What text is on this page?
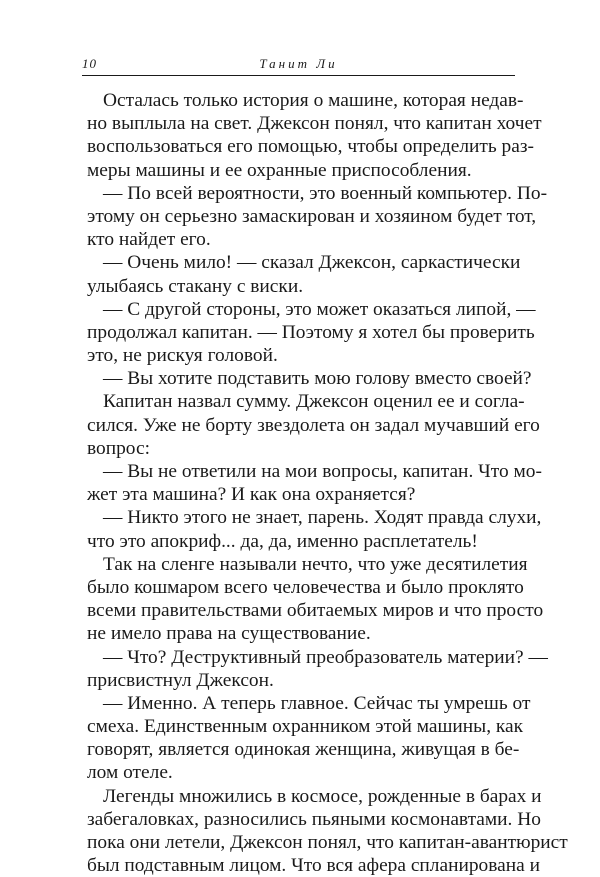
10	Танит Ли
Осталась только история о машине, которая недав-
но выплыла на свет. Джексон понял, что капитан хочет
воспользоваться его помощью, чтобы определить раз-
меры машины и ее охранные приспособления.
— По всей вероятности, это военный компьютер. По-
этому он серьезно замаскирован и хозяином будет тот,
кто найдет его.
— Очень мило! — сказал Джексон, саркастически
улыбаясь стакану с виски.
— С другой стороны, это может оказаться липой, —
продолжал капитан. — Поэтому я хотел бы проверить
это, не рискуя головой.
— Вы хотите подставить мою голову вместо своей?
Капитан назвал сумму. Джексон оценил ее и согла-
сился. Уже не борту звездолета он задал мучавший его
вопрос:
— Вы не ответили на мои вопросы, капитан. Что мо-
жет эта машина? И как она охраняется?
— Никто этого не знает, парень. Ходят правда слухи,
что это апокриф... да, да, именно расплетатель!
Так на сленге называли нечто, что уже десятилетия
было кошмаром всего человечества и было проклято
всеми правительствами обитаемых миров и что просто
не имело права на существование.
— Что? Деструктивный преобразователь материи? —
присвистнул Джексон.
— Именно. А теперь главное. Сейчас ты умрешь от
смеха. Единственным охранником этой машины, как
говорят, является одинокая женщина, живущая в бе-
лом отеле.
Легенды множились в космосе, рожденные в барах и
забегаловках, разносились пьяными космонавтами. Но
пока они летели, Джексон понял, что капитан-авантюрист
был подставным лицом. Что вся афера спланирована и
